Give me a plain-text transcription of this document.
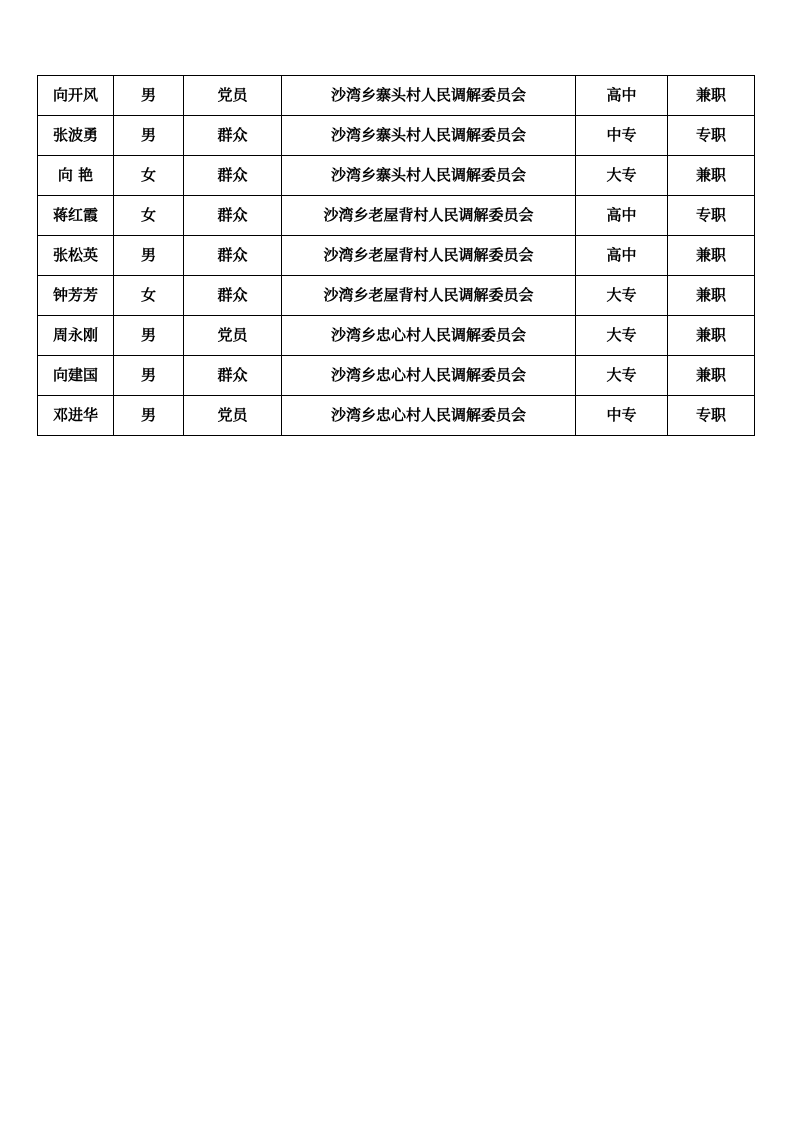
向开风	男	党员	沙湾乡寨头村人民调解委员会	高中	兼职
张波勇	男	群众	沙湾乡寨头村人民调解委员会	中专	专职
向 艳	女	群众	沙湾乡寨头村人民调解委员会	大专	兼职
蒋红霞	女	群众	沙湾乡老屋背村人民调解委员会	高中	专职
张松英	男	群众	沙湾乡老屋背村人民调解委员会	高中	兼职
钟芳芳	女	群众	沙湾乡老屋背村人民调解委员会	大专	兼职
周永刚	男	党员	沙湾乡忠心村人民调解委员会	大专	兼职
向建国	男	群众	沙湾乡忠心村人民调解委员会	大专	兼职
邓进华	男	党员	沙湾乡忠心村人民调解委员会	中专	专职
